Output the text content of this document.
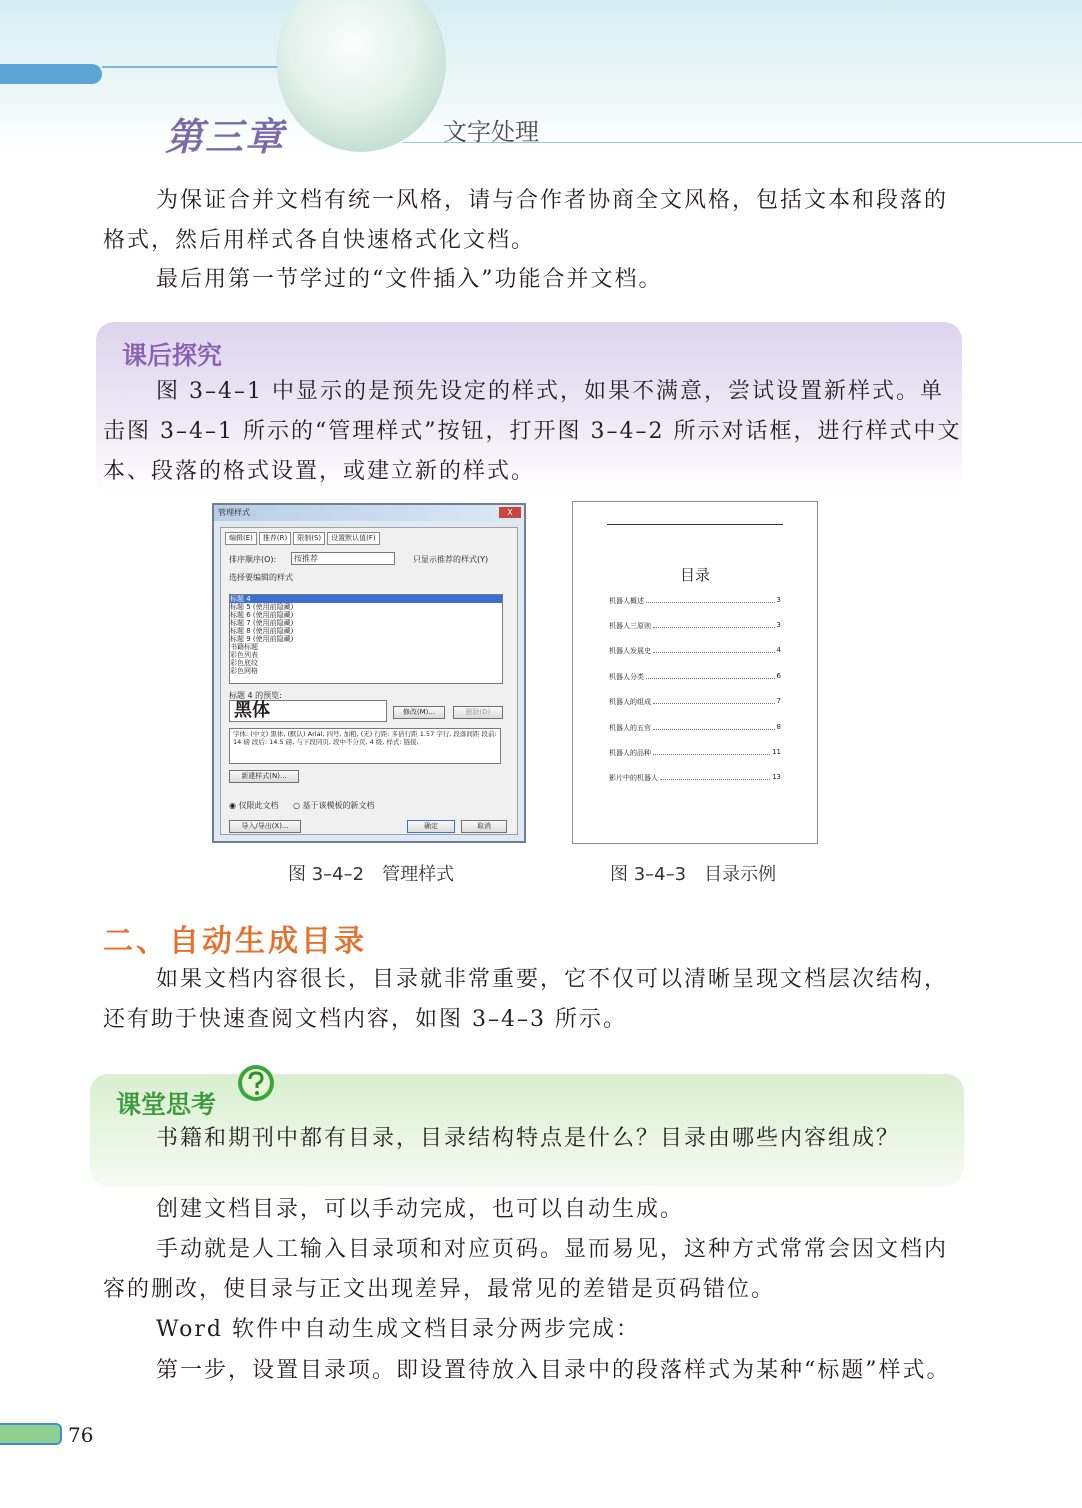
第三章	文字处理

为保证合并文档有统一风格，请与合作者协商全文风格，包括文本和段落的格式，然后用样式各自快速格式化文档。

最后用第一节学过的“文件插入”功能合并文档。

课后探究

图 3–4–1 中显示的是预先设定的样式，如果不满意，尝试设置新样式。单击图 3–4–1 所示的“管理样式”按钮，打开图 3–4–2 所示对话框，进行样式中文本、段落的格式设置，或建立新的样式。

管理样式	X
编辑(E)	推荐(R)	限制(S)	设置默认值(F)
排序顺序(O):	按推荐	只显示推荐的样式(Y)
选择要编辑的样式
标题 4
标题 5 (使用前隐藏)
标题 6 (使用前隐藏)
标题 7 (使用前隐藏)
标题 8 (使用前隐藏)
标题 9 (使用前隐藏)
书籍标题
彩色列表
彩色底纹
彩色网格
标题 4 的预览:
黑体	修改(M)...	删除(D)
字体: (中文) 黑体, (默认) Arial, 四号, 加粗, (无) 行距: 多倍行距 1.57 字行, 段落间距 段前: 14 磅 段后: 14.5 磅, 与下段同页, 段中不分页, 4 级, 样式: 链接,
新建样式(N)...
◉ 仅限此文档 ○ 基于该模板的新文档
导入/导出(X)...	确定	取消
目录
机器人概述	3
机器人三原则	3
机器人发展史	4
机器人分类	6
机器人的组成	7
机器人的五官	8
机器人的品种	11
影片中的机器人	13
图 3–4–2　管理样式	图 3–4–3　目录示例
二、自动生成目录

如果文档内容很长，目录就非常重要，它不仅可以清晰呈现文档层次结构，还有助于快速查阅文档内容，如图 3–4–3 所示。

课堂思考

书籍和期刊中都有目录，目录结构特点是什么？目录由哪些内容组成？

创建文档目录，可以手动完成，也可以自动生成。

手动就是人工输入目录项和对应页码。显而易见，这种方式常常会因文档内容的删改，使目录与正文出现差异，最常见的差错是页码错位。

Word 软件中自动生成文档目录分两步完成：

第一步，设置目录项。即设置待放入目录中的段落样式为某种“标题”样式。

76
